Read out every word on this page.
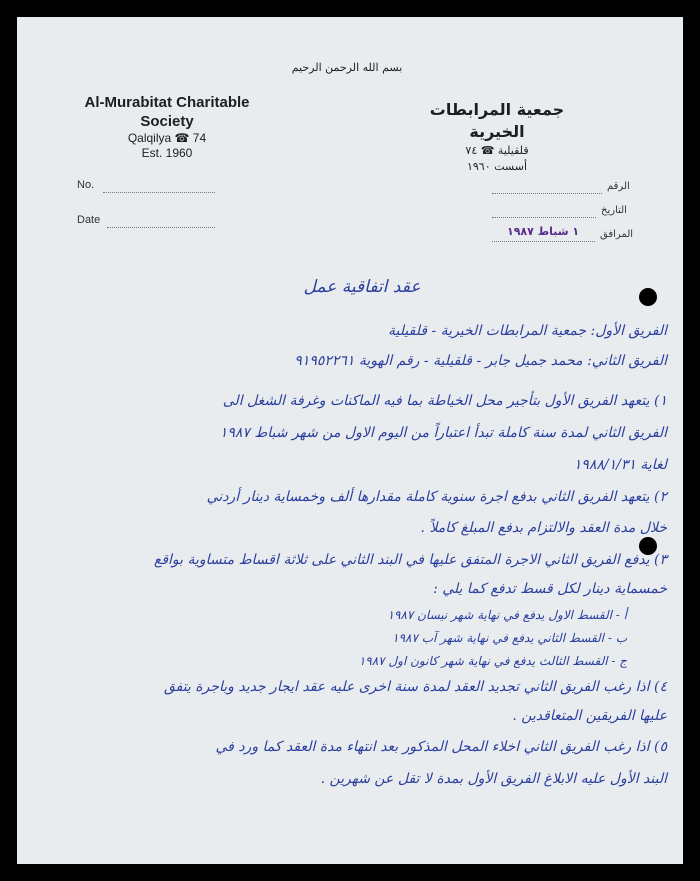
بسم الله الرحمن الرحيم
Al-Murabitat Charitable
Society
Qalqilya ☎ 74
Est. 1960
جمعية المرابطات الخيرية
قلقيلية ☎ ٧٤
أسست ١٩٦٠
No.
Date
الرقم
التاريخ
١ شباط ١٩٨٧ المرافق
عقد اتفاقية عمل
الفريق الأول: جمعية المرابطات الخيرية - قلقيلية
الفريق الثاني: محمد جميل جابر - قلقيلية - رقم الهوية ٩١٩٥٢٢٦١
١) يتعهد الفريق الأول بتأجير محل الخياطة بما فيه الماكنات وغرفة الشغل الى
الفريق الثاني لمدة سنة كاملة تبدأ اعتباراً من اليوم الاول من شهر شباط ١٩٨٧
لغاية ١٩٨٨/١/٣١
٢) يتعهد الفريق الثاني بدفع اجرة سنوية كاملة مقدارها ألف وخمساية دينار أردني
خلال مدة العقد والالتزام بدفع المبلغ كاملاً .
٣) يدفع الفريق الثاني الاجرة المتفق عليها في البند الثاني على ثلاثة اقساط متساوية بواقع
خمسماية دينار لكل قسط تدفع كما يلي :
أ - القسط الاول يدفع في نهاية شهر نيسان ١٩٨٧
ب - القسط الثاني يدفع في نهاية شهر آب ١٩٨٧
ج - القسط الثالث يدفع في نهاية شهر كانون اول ١٩٨٧
٤) اذا رغب الفريق الثاني تجديد العقد لمدة سنة اخرى عليه عقد ايجار جديد وباجرة يتفق
عليها الفريقين المتعاقدين .
٥) اذا رغب الفريق الثاني اخلاء المحل المذكور بعد انتهاء مدة العقد كما ورد في
البند الأول عليه الابلاغ الفريق الأول بمدة لا تقل عن شهرين .
